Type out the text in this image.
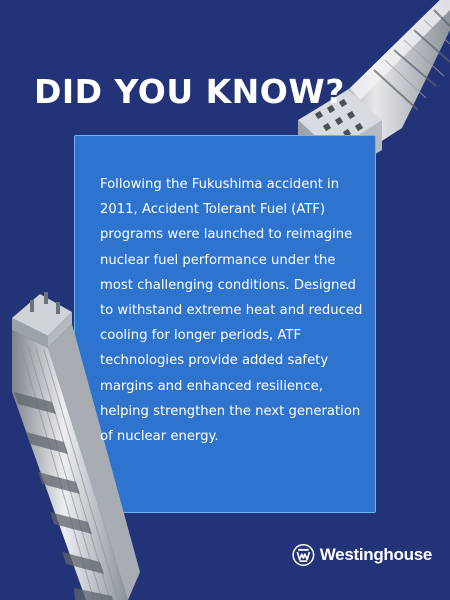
DID YOU KNOW?

Following the Fukushima accident in 2011, Accident Tolerant Fuel (ATF) programs were launched to reimagine nuclear fuel performance under the most challenging conditions. Designed to withstand extreme heat and reduced cooling for longer periods, ATF technologies provide added safety margins and enhanced resilience, helping strengthen the next generation of nuclear energy.

Westinghouse
